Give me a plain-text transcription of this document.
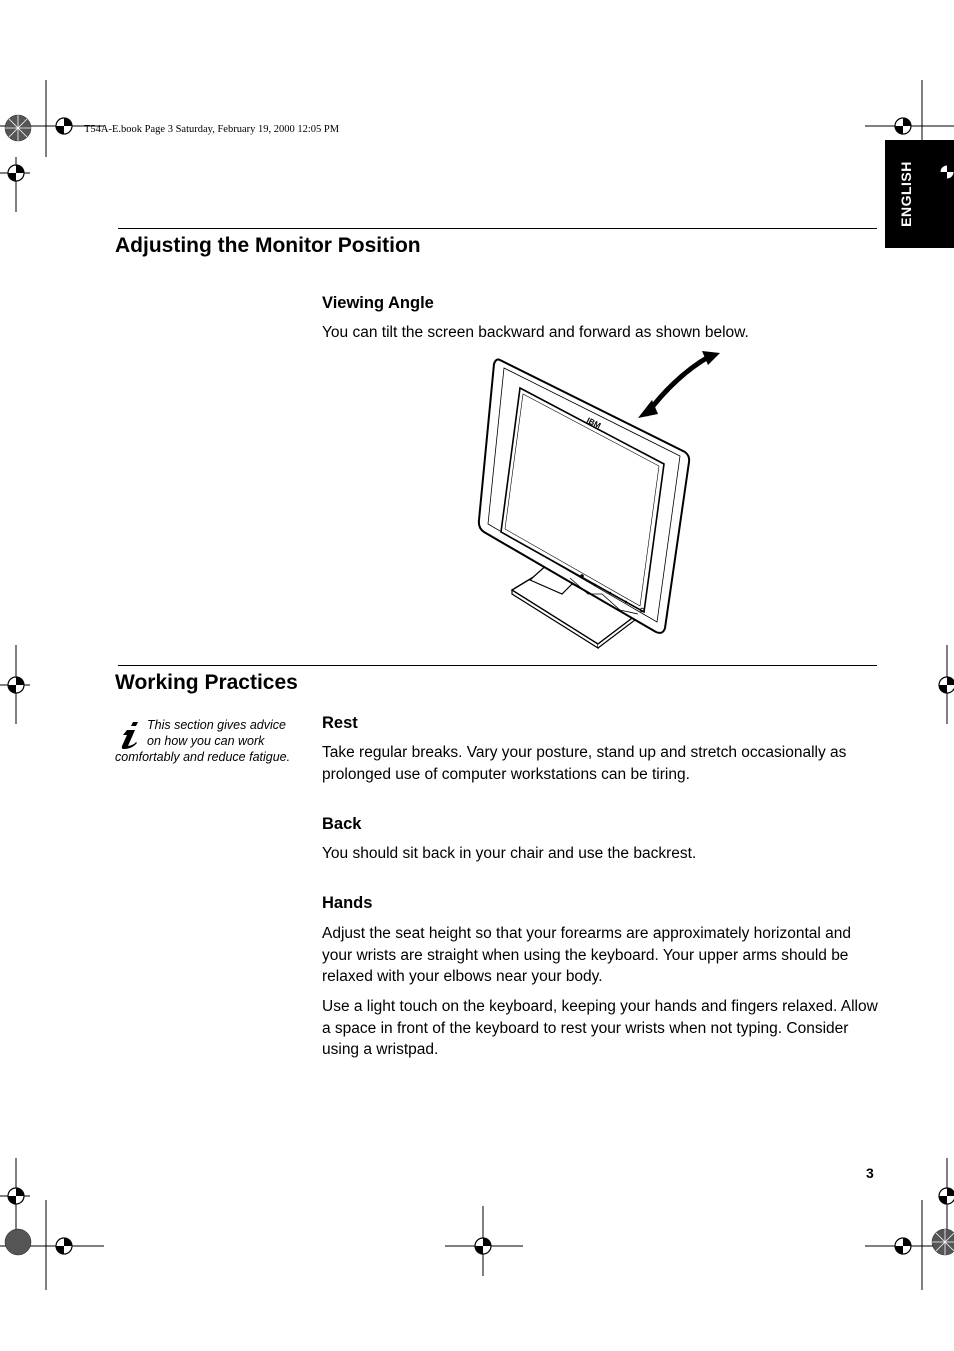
T54A-E.book Page 3 Saturday, February 19, 2000 12:05 PM
ENGLISH
Adjusting the Monitor Position
Viewing Angle
You can tilt the screen backward and forward as shown below.
IBM
Working Practices
This section gives advice on how you can work comfortably and reduce fatigue.
Rest
Take regular breaks. Vary your posture, stand up and stretch occasionally as prolonged use of computer workstations can be tiring.
Back
You should sit back in your chair and use the backrest.
Hands
Adjust the seat height so that your forearms are approximately horizontal and your wrists are straight when using the keyboard. Your upper arms should be relaxed with your elbows near your body.
Use a light touch on the keyboard, keeping your hands and fingers relaxed. Allow a space in front of the keyboard to rest your wrists when not typing. Consider using a wristpad.
3
